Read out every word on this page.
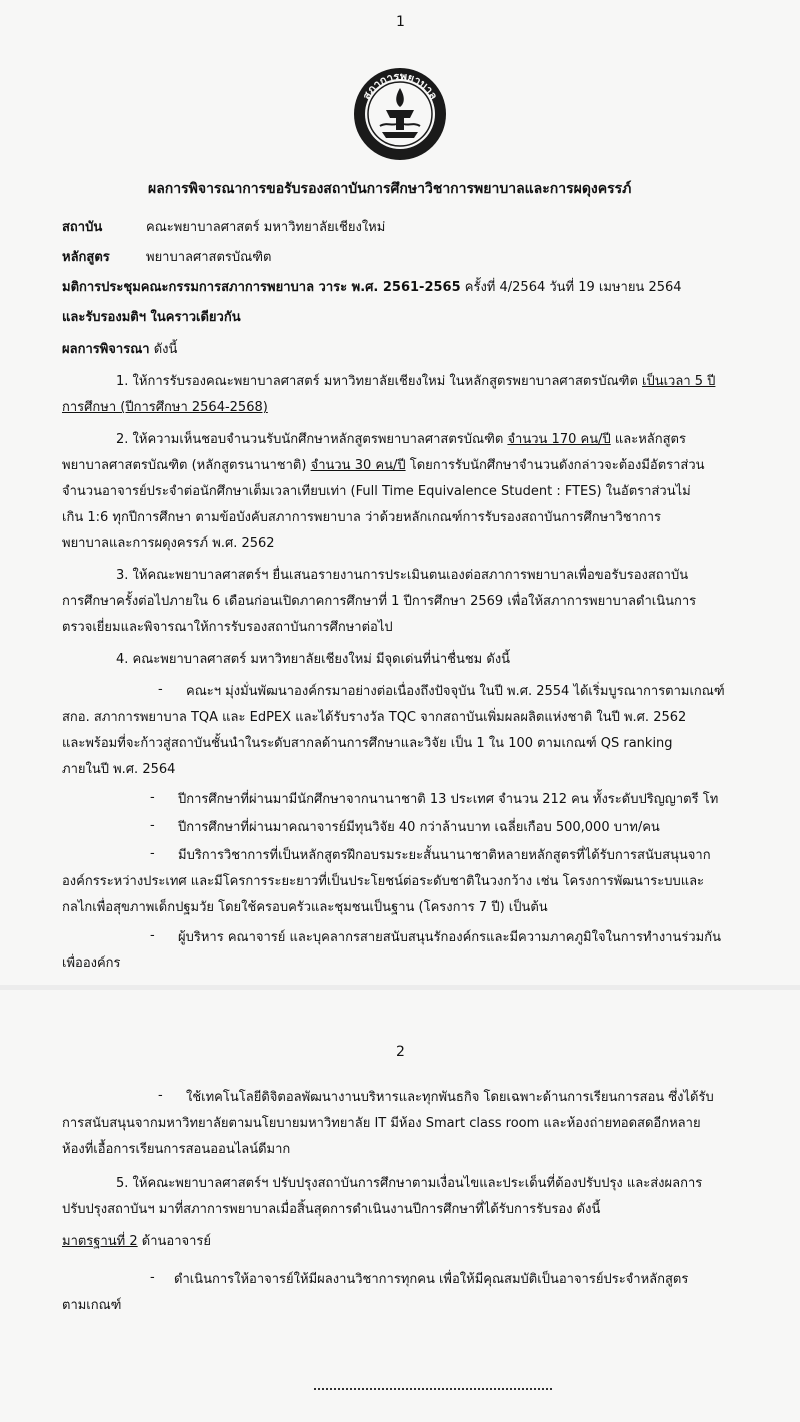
1
สภาการพยาบาล
ผลการพิจารณาการขอรับรองสถาบันการศึกษาวิชาการพยาบาลและการผดุงครรภ์
สถาบัน	คณะพยาบาลศาสตร์ มหาวิทยาลัยเชียงใหม่
หลักสูตร	พยาบาลศาสตรบัณฑิต
มติการประชุมคณะกรรมการสภาการพยาบาล วาระ พ.ศ. 2561-2565 ครั้งที่ 4/2564 วันที่ 19 เมษายน 2564
และรับรองมติฯ ในคราวเดียวกัน
ผลการพิจารณา ดังนี้
1. ให้การรับรองคณะพยาบาลศาสตร์ มหาวิทยาลัยเชียงใหม่ ในหลักสูตรพยาบาลศาสตรบัณฑิต เป็นเวลา 5 ปี
การศึกษา (ปีการศึกษา 2564-2568)
2. ให้ความเห็นชอบจำนวนรับนักศึกษาหลักสูตรพยาบาลศาสตรบัณฑิต จำนวน 170 คน/ปี และหลักสูตร
พยาบาลศาสตรบัณฑิต (หลักสูตรนานาชาติ) จำนวน 30 คน/ปี โดยการรับนักศึกษาจำนวนดังกล่าวจะต้องมีอัตราส่วน
จำนวนอาจารย์ประจำต่อนักศึกษาเต็มเวลาเทียบเท่า (Full Time Equivalence Student : FTES) ในอัตราส่วนไม่
เกิน 1:6 ทุกปีการศึกษา ตามข้อบังคับสภาการพยาบาล ว่าด้วยหลักเกณฑ์การรับรองสถาบันการศึกษาวิชาการ
พยาบาลและการผดุงครรภ์ พ.ศ. 2562
3. ให้คณะพยาบาลศาสตร์ฯ ยื่นเสนอรายงานการประเมินตนเองต่อสภาการพยาบาลเพื่อขอรับรองสถาบัน
การศึกษาครั้งต่อไปภายใน 6 เดือนก่อนเปิดภาคการศึกษาที่ 1 ปีการศึกษา 2569 เพื่อให้สภาการพยาบาลดำเนินการ
ตรวจเยี่ยมและพิจารณาให้การรับรองสถาบันการศึกษาต่อไป
4. คณะพยาบาลศาสตร์ มหาวิทยาลัยเชียงใหม่ มีจุดเด่นที่น่าชื่นชม ดังนี้
- คณะฯ มุ่งมั่นพัฒนาองค์กรมาอย่างต่อเนื่องถึงปัจจุบัน ในปี พ.ศ. 2554 ได้เริ่มบูรณาการตามเกณฑ์
สกอ. สภาการพยาบาล TQA และ EdPEX และได้รับรางวัล TQC จากสถาบันเพิ่มผลผลิตแห่งชาติ ในปี พ.ศ. 2562
และพร้อมที่จะก้าวสู่สถาบันชั้นนำในระดับสากลด้านการศึกษาและวิจัย เป็น 1 ใน 100 ตามเกณฑ์ QS ranking
ภายในปี พ.ศ. 2564
- ปีการศึกษาที่ผ่านมามีนักศึกษาจากนานาชาติ 13 ประเทศ จำนวน 212 คน ทั้งระดับปริญญาตรี โท
- ปีการศึกษาที่ผ่านมาคณาจารย์มีทุนวิจัย 40 กว่าล้านบาท เฉลี่ยเกือบ 500,000 บาท/คน
- มีบริการวิชาการที่เป็นหลักสูตรฝึกอบรมระยะสั้นนานาชาติหลายหลักสูตรที่ได้รับการสนับสนุนจาก
องค์กรระหว่างประเทศ และมีโครการระยะยาวที่เป็นประโยชน์ต่อระดับชาติในวงกว้าง เช่น โครงการพัฒนาระบบและ
กลไกเพื่อสุขภาพเด็กปฐมวัย โดยใช้ครอบครัวและชุมชนเป็นฐาน (โครงการ 7 ปี) เป็นต้น
- ผู้บริหาร คณาจารย์ และบุคลากรสายสนับสนุนรักองค์กรและมีความภาคภูมิใจในการทำงานร่วมกัน
เพื่อองค์กร
2
- ใช้เทคโนโลยีดิจิตอลพัฒนางานบริหารและทุกพันธกิจ โดยเฉพาะด้านการเรียนการสอน ซึ่งได้รับ
การสนับสนุนจากมหาวิทยาลัยตามนโยบายมหาวิทยาลัย IT มีห้อง Smart class room และห้องถ่ายทอดสดอีกหลาย
ห้องที่เอื้อการเรียนการสอนออนไลน์ดีมาก
5. ให้คณะพยาบาลศาสตร์ฯ ปรับปรุงสถาบันการศึกษาตามเงื่อนไขและประเด็นที่ต้องปรับปรุง และส่งผลการ
ปรับปรุงสถาบันฯ มาที่สภาการพยาบาลเมื่อสิ้นสุดการดำเนินงานปีการศึกษาที่ได้รับการรับรอง ดังนี้
มาตรฐานที่ 2 ด้านอาจารย์
- ดำเนินการให้อาจารย์ให้มีผลงานวิชาการทุกคน เพื่อให้มีคุณสมบัติเป็นอาจารย์ประจำหลักสูตร
ตามเกณฑ์
